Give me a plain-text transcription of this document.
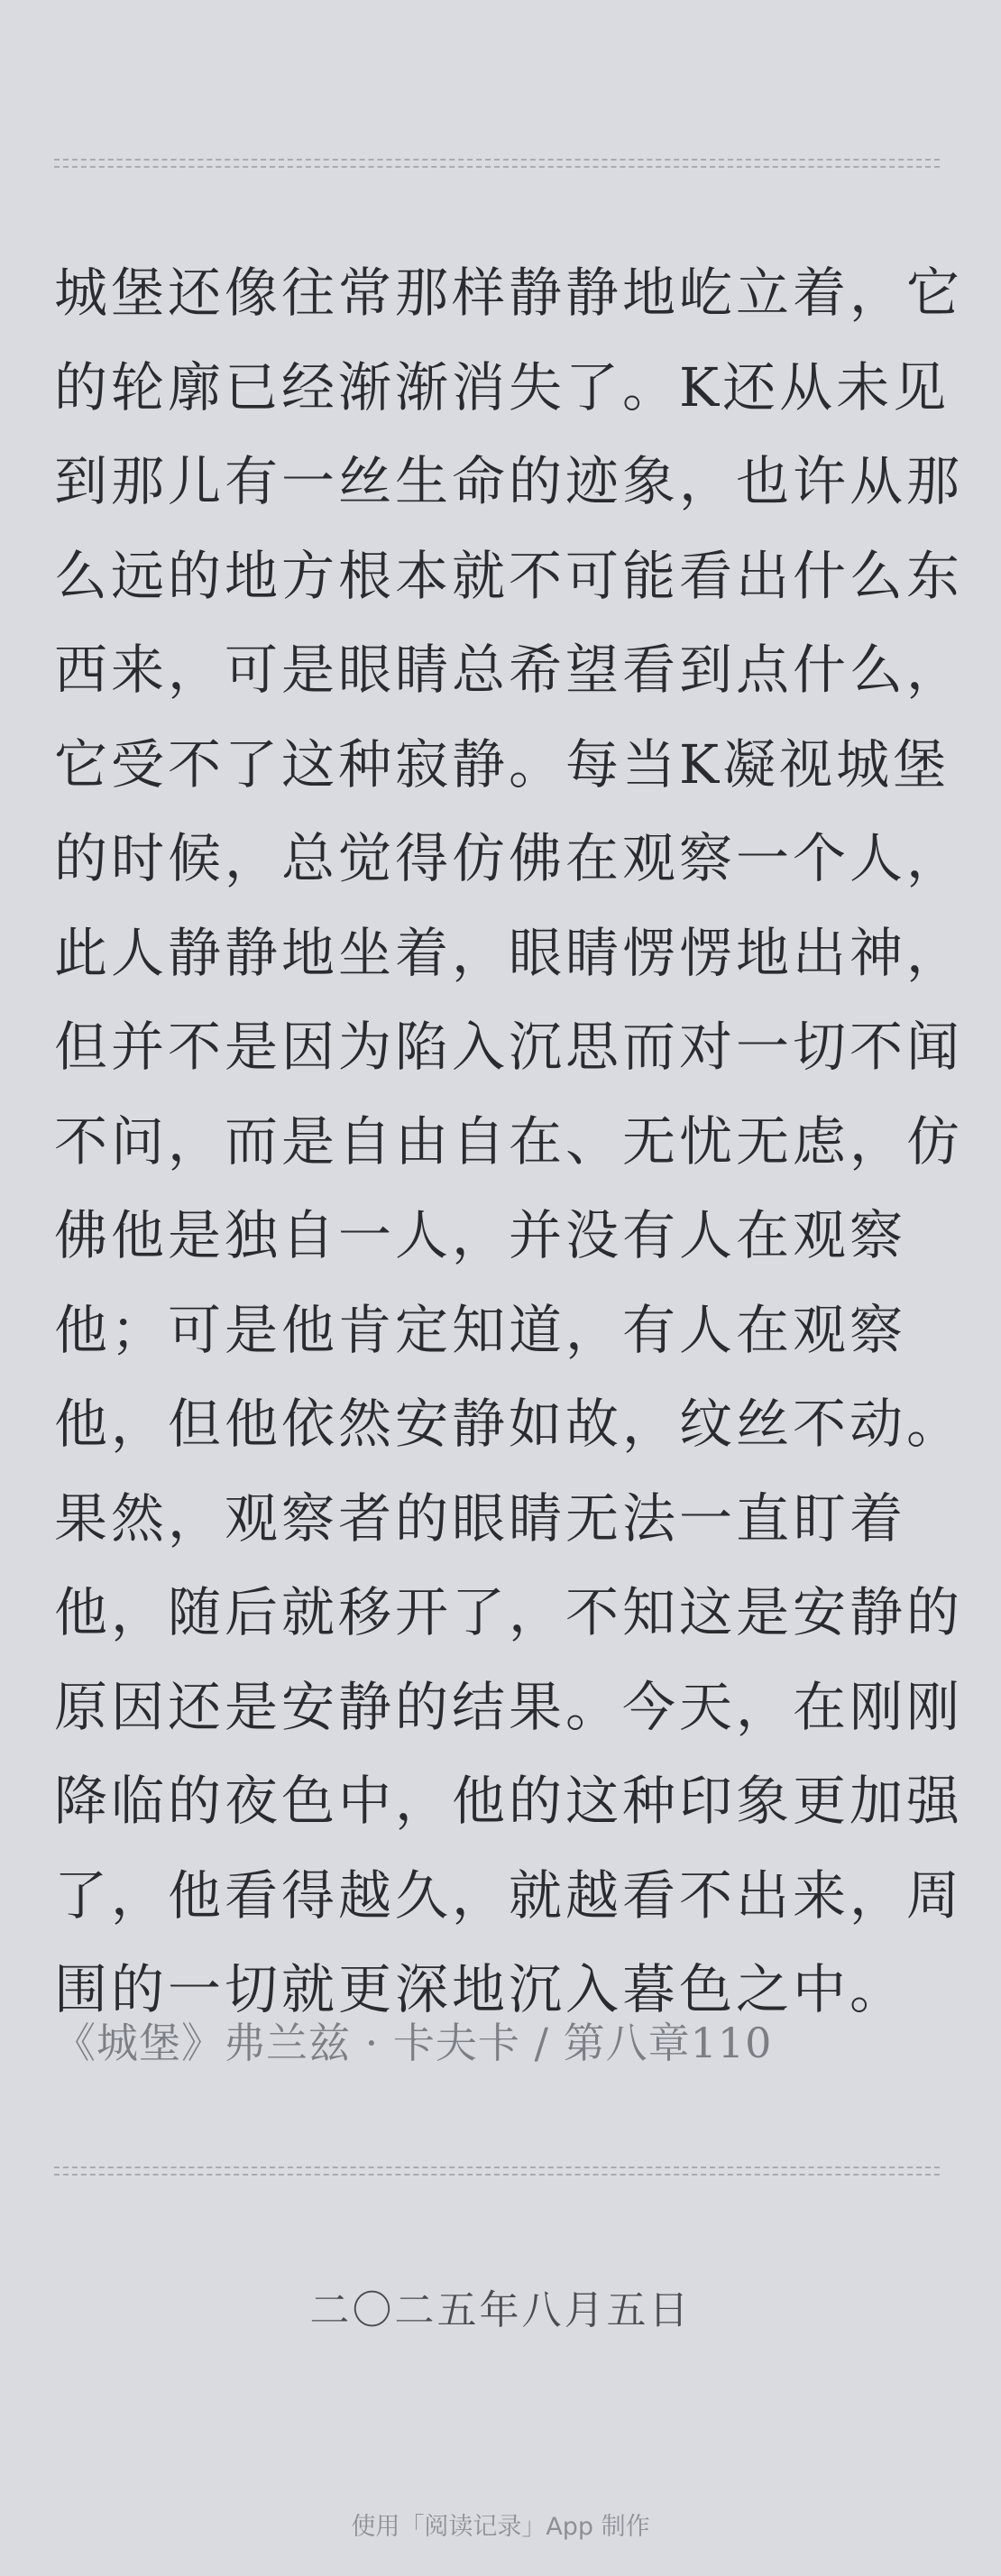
城堡还像往常那样静静地屹立着，它
的轮廓已经渐渐消失了。K还从未见
到那儿有一丝生命的迹象，也许从那
么远的地方根本就不可能看出什么东
西来，可是眼睛总希望看到点什么，
它受不了这种寂静。每当K凝视城堡
的时候，总觉得仿佛在观察一个人，
此人静静地坐着，眼睛愣愣地出神，
但并不是因为陷入沉思而对一切不闻
不问，而是自由自在、无忧无虑，仿
佛他是独自一人，并没有人在观察
他；可是他肯定知道，有人在观察
他，但他依然安静如故，纹丝不动。
果然，观察者的眼睛无法一直盯着
他，随后就移开了，不知这是安静的
原因还是安静的结果。今天，在刚刚
降临的夜色中，他的这种印象更加强
了，他看得越久，就越看不出来，周
围的一切就更深地沉入暮色之中。
《城堡》弗兰兹 · 卡夫卡 / 第八章110
二〇二五年八月五日
使用「阅读记录」App 制作
